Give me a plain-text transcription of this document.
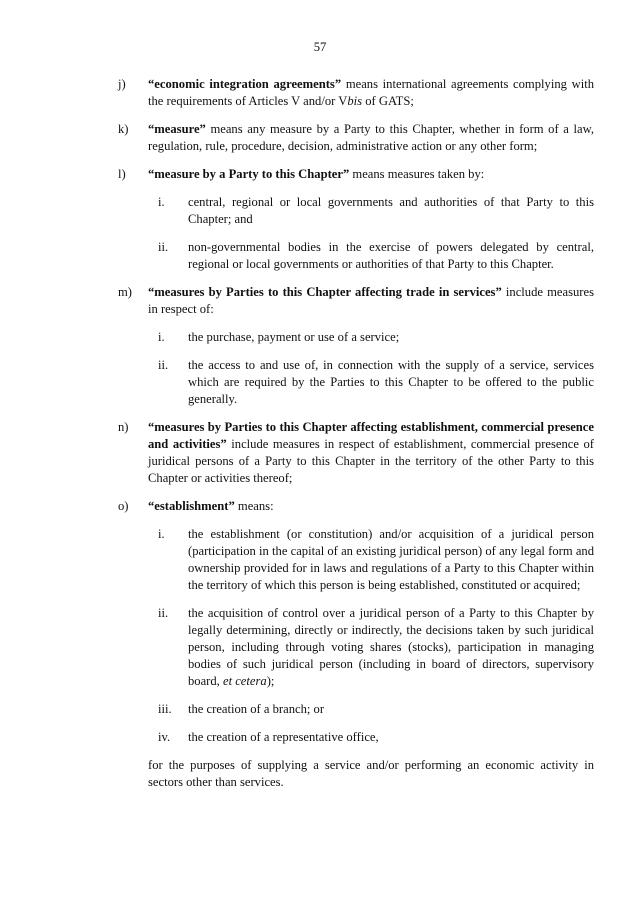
57
j) “economic integration agreements” means international agreements complying with the requirements of Articles V and/or Vbis of GATS;
k) “measure” means any measure by a Party to this Chapter, whether in form of a law, regulation, rule, procedure, decision, administrative action or any other form;
l) “measure by a Party to this Chapter” means measures taken by:
i. central, regional or local governments and authorities of that Party to this Chapter; and
ii. non-governmental bodies in the exercise of powers delegated by central, regional or local governments or authorities of that Party to this Chapter.
m) “measures by Parties to this Chapter affecting trade in services” include measures in respect of:
i. the purchase, payment or use of a service;
ii. the access to and use of, in connection with the supply of a service, services which are required by the Parties to this Chapter to be offered to the public generally.
n) “measures by Parties to this Chapter affecting establishment, commercial presence and activities” include measures in respect of establishment, commercial presence of juridical persons of a Party to this Chapter in the territory of the other Party to this Chapter or activities thereof;
o) “establishment” means:
i. the establishment (or constitution) and/or acquisition of a juridical person (participation in the capital of an existing juridical person) of any legal form and ownership provided for in laws and regulations of a Party to this Chapter within the territory of which this person is being established, constituted or acquired;
ii. the acquisition of control over a juridical person of a Party to this Chapter by legally determining, directly or indirectly, the decisions taken by such juridical person, including through voting shares (stocks), participation in managing bodies of such juridical person (including in board of directors, supervisory board, et cetera);
iii. the creation of a branch; or
iv. the creation of a representative office,
for the purposes of supplying a service and/or performing an economic activity in sectors other than services.
